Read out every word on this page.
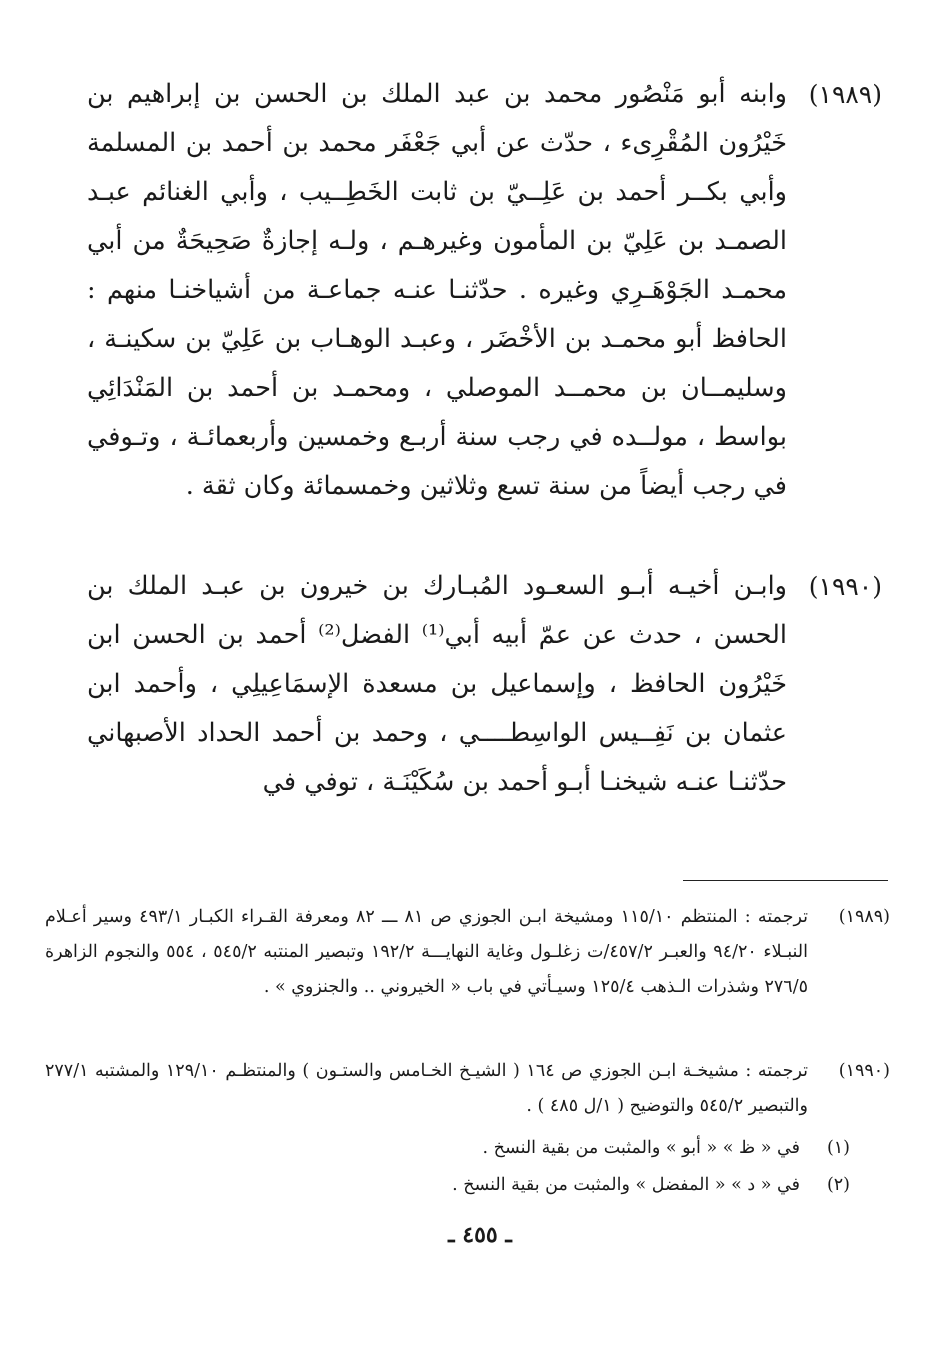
(١٩٨٩)
وابنه أبو مَنْصُور محمد بن عبد الملك بن الحسن بن إبراهيم بن خَيْرُون المُقْرِىء ، حدّث عن أبي جَعْفَر محمد بن أحمد بن المسلمة وأبي بكــر أحمد بن عَلِــيّ بن ثابت الخَطِــيب ، وأبي الغنائم عبـد الصمـد بن عَلِيّ بن المأمون وغيرهـم ، ولـه إجازةٌ صَحِيحَةٌ من أبي محمـد الجَوْهَـرِي وغيره . حدّثنـا عنـه جماعـة من أشياخنـا منهم : الحافظ أبو محمـد بن الأخْضَر ، وعبـد الوهـاب بن عَلِيّ بن سكينـة ، وسليمــان بن محمــد الموصلي ، ومحمـد بن أحمد بن المَنْدَائِي بواسط ، مولــده في رجب سنة أربـع وخمسين وأربعمائـة ، وتـوفي في رجب أيضاً من سنة تسع وثلاثين وخمسمائة وكان ثقة .
(١٩٩٠)
وابـن أخيـه أبـو السعـود المُبـارك بن خيرون بن عبـد الملك بن الحسن ، حدث عن عمّ أبيه أبي⁽¹⁾ الفضل⁽²⁾ أحمد بن الحسن ابن خَيْرُون الحافظ ، وإسماعيل بن مسعدة الإسمَاعِيلِي ، وأحمد ابن عثمان بن نَفِــيس الواسِطــــي ، وحمد بن أحمد الحداد الأصبهاني حدّثنـا عنـه شيخنـا أبـو أحمد بن سُكَيْنَـة ، توفي في
(١٩٨٩)
ترجمته : المنتظم ١١٥/١٠ ومشيخة ابـن الجوزي ص ٨١ ـــ ٨٢ ومعرفة القـراء الكبـار ٤٩٣/١ وسير أعـلام النبـلاء ٩٤/٢٠ والعبـر ٤٥٧/٢/ت زغلـول وغاية النهايـــة ١٩٢/٢ وتبصير المنتبه ٥٤٥/٢ ، ٥٥٤ والنجوم الزاهرة ٢٧٦/٥ وشذرات الـذهب ١٢٥/٤ وسيـأتي في باب « الخيروني .. والجنزوي » .
(١٩٩٠)
ترجمته : مشيخـة ابـن الجوزي ص ١٦٤ ( الشيـخ الخـامس والستـون ) والمنتظـم ١٢٩/١٠ والمشتبه ٢٧٧/١ والتبصير ٥٤٥/٢ والتوضيح ( ١/ل ٤٨٥ ) .
(١)في « ظ » « أبو » والمثبت من بقية النسخ .
(٢)في « د » « المفضل » والمثبت من بقية النسخ .
ـ ٤٥٥ ـ
